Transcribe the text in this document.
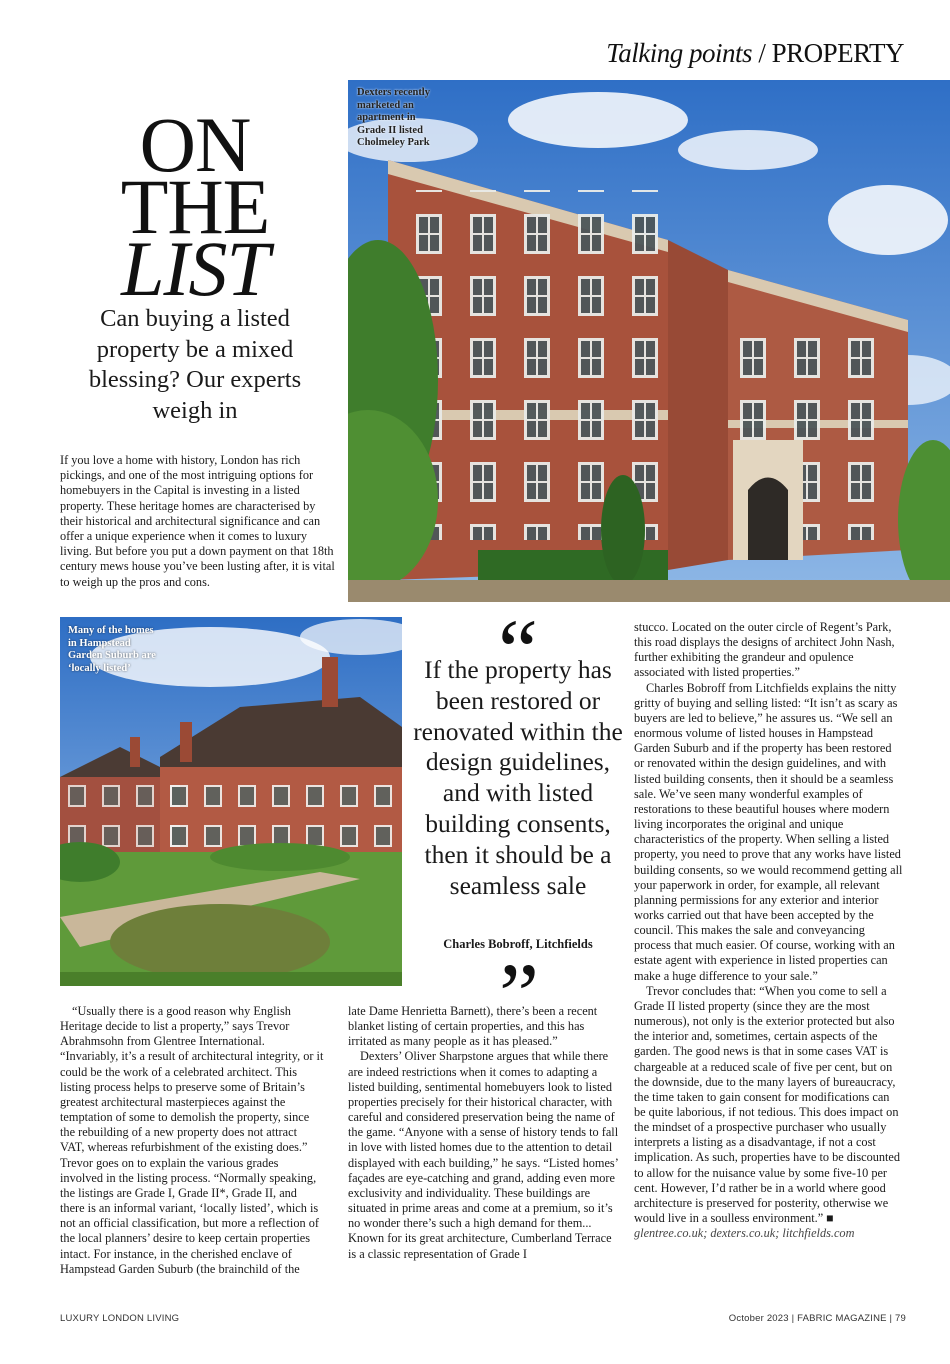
Talking points / PROPERTY
Dexters recently marketed an apartment in Grade II listed Cholmeley Park
ON
THE
LIST
Can buying a listed property be a mixed blessing? Our experts weigh in
If you love a home with history, London has rich pickings, and one of the most intriguing options for homebuyers in the Capital is investing in a listed property. These heritage homes are characterised by their historical and architectural significance and can offer a unique experience when it comes to luxury living. But before you put a down payment on that 18th century mews house you’ve been lusting after, it is vital to weigh up the pros and cons.
Many of the homes in Hampstead Garden Suburb are ‘locally listed’	“
If the property has been restored or renovated within the design guidelines, and with listed building consents, then it should be a seamless sale
Charles Bobroff, Litchfields
”

“Usually there is a good reason why English Heritage decide to list a property,” says Trevor Abrahmsohn from Glentree International. “Invariably, it’s a result of architectural integrity, or it could be the work of a celebrated architect. This listing process helps to preserve some of Britain’s greatest architectural masterpieces against the temptation of some to demolish the property, since the rebuilding of a new property does not attract VAT, whereas refurbishment of the existing does.” Trevor goes on to explain the various grades involved in the listing process. “Normally speaking, the listings are Grade I, Grade II*, Grade II, and there is an informal variant, ‘locally listed’, which is not an official classification, but more a reflection of the local planners’ desire to keep certain properties intact. For instance, in the cherished enclave of Hampstead Garden Suburb (the brainchild of the

late Dame Henrietta Barnett), there’s been a recent blanket listing of certain properties, and this has irritated as many people as it has pleased.”

Dexters’ Oliver Sharpstone argues that while there are indeed restrictions when it comes to adapting a listed building, sentimental homebuyers look to listed properties precisely for their historical character, with careful and considered preservation being the name of the game. “Anyone with a sense of history tends to fall in love with listed homes due to the attention to detail displayed with each building,” he says. “Listed homes’ façades are eye-catching and grand, adding even more exclusivity and individuality. These buildings are situated in prime areas and come at a premium, so it’s no wonder there’s such a high demand for them... Known for its great architecture, Cumberland Terrace is a classic representation of Grade I

stucco. Located on the outer circle of Regent’s Park, this road displays the designs of architect John Nash, further exhibiting the grandeur and opulence associated with listed properties.”

Charles Bobroff from Litchfields explains the nitty gritty of buying and selling listed: “It isn’t as scary as buyers are led to believe,” he assures us. “We sell an enormous volume of listed houses in Hampstead Garden Suburb and if the property has been restored or renovated within the design guidelines, and with listed building consents, then it should be a seamless sale. We’ve seen many wonderful examples of restorations to these beautiful houses where modern living incorporates the original and unique characteristics of the property. When selling a listed property, you need to prove that any works have listed building consents, so we would recommend getting all your paperwork in order, for example, all relevant planning permissions for any exterior and interior works carried out that have been accepted by the council. This makes the sale and conveyancing process that much easier. Of course, working with an estate agent with experience in listed properties can make a huge difference to your sale.”

Trevor concludes that: “When you come to sell a Grade II listed property (since they are the most numerous), not only is the exterior protected but also the interior and, sometimes, certain aspects of the garden. The good news is that in some cases VAT is chargeable at a reduced scale of five per cent, but on the downside, due to the many layers of bureaucracy, the time taken to gain consent for modifications can be quite laborious, if not tedious. This does impact on the mindset of a prospective purchaser who usually interprets a listing as a disadvantage, if not a cost implication. As such, properties have to be discounted to allow for the nuisance value by some five-10 per cent. However, I’d rather be in a world where good architecture is preserved for posterity, otherwise we would live in a soulless environment.” ■

glentree.co.uk; dexters.co.uk; litchfields.com

LUXURY LONDON LIVING	October 2023 | FABRIC MAGAZINE | 79
